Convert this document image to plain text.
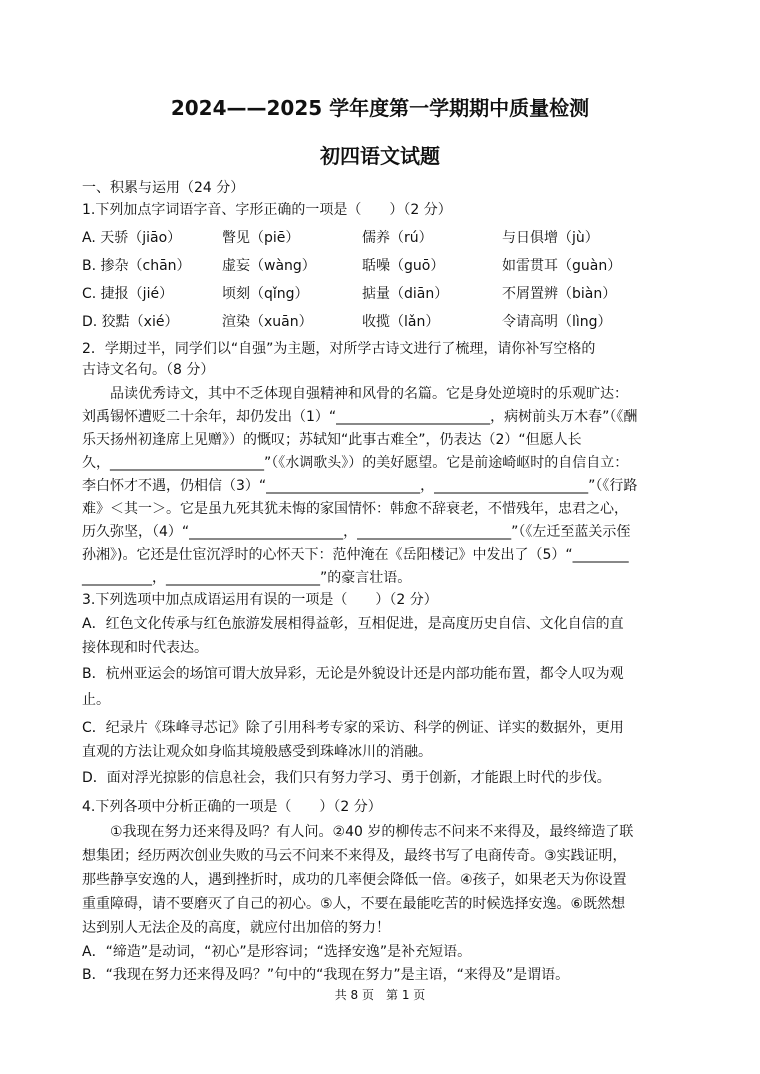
2024——2025 学年度第一学期期中质量检测
初四语文试题
一、积累与运用（24 分）
1.下列加点字词语字音、字形正确的一项是（　　）（2 分）
A. 天骄（jiāo）	瞥见（piē）	儒养（rú）	与日俱增（jù）
B. 掺杂（chān） 虚妄（wàng）	聒噪（guō）	如雷贯耳（guàn）
C. 捷报（jié）	顷刻（qǐng）	掂量（diān）	不屑置辨（biàn）
D. 狡黠（xié）	渲染（xuān）	收揽（lǎn）	令请高明（lìng）
2．学期过半，同学们以“自强”为主题，对所学古诗文进行了梳理，请你补写空格的
古诗文名句。（8 分）
　　品读优秀诗文，其中不乏体现自强精神和风骨的名篇。它是身处逆境时的乐观旷达：
刘禹锡怀遭贬二十余年，却仍发出（1）“______________________，病树前头万木春”（《酬
乐天扬州初逢席上见赠》）的慨叹；苏轼知“此事古难全”，仍表达（2）“但愿人长
久，______________________”（《水调歌头》）的美好愿望。它是前途崎岖时的自信自立：
李白怀才不遇，仍相信（3）“______________________，______________________”（《行路
难》＜其一＞。它是虽九死其犹未悔的家国情怀：韩愈不辞衰老，不惜残年，忠君之心，
历久弥坚，（4）“______________________，______________________”（《左迁至蓝关示侄
孙湘》)。它还是仕宦沉浮时的心怀天下：范仲淹在《岳阳楼记》中发出了（5）“________
__________，______________________”的豪言壮语。
3.下列选项中加点成语运用有误的一项是（　　）（2 分）
A．红色文化传承与红色旅游发展相得益彰，互相促进，是高度历史自信、文化自信的直
接体现和时代表达。
B．杭州亚运会的场馆可谓大放异彩，无论是外貌设计还是内部功能布置，都令人叹为观
止。
C．纪录片《珠峰寻芯记》除了引用科考专家的采访、科学的例证、详实的数据外，更用
直观的方法让观众如身临其境般感受到珠峰冰川的消融。
D．面对浮光掠影的信息社会，我们只有努力学习、勇于创新，才能跟上时代的步伐。
4.下列各项中分析正确的一项是（　　）（2 分）
　　①我现在努力还来得及吗？有人问。②40 岁的柳传志不问来不来得及，最终缔造了联
想集团；经历两次创业失败的马云不问来不来得及，最终书写了电商传奇。③实践证明，
那些静享安逸的人，遇到挫折时，成功的几率便会降低一倍。④孩子，如果老天为你设置
重重障碍，请不要磨灭了自己的初心。⑤人，不要在最能吃苦的时候选择安逸。⑥既然想
达到别人无法企及的高度，就应付出加倍的努力！
A．“缔造”是动词，“初心”是形容词；“选择安逸”是补充短语。
B．“我现在努力还来得及吗？”句中的“我现在努力”是主语，“来得及”是谓语。
共 8 页　第 1 页
